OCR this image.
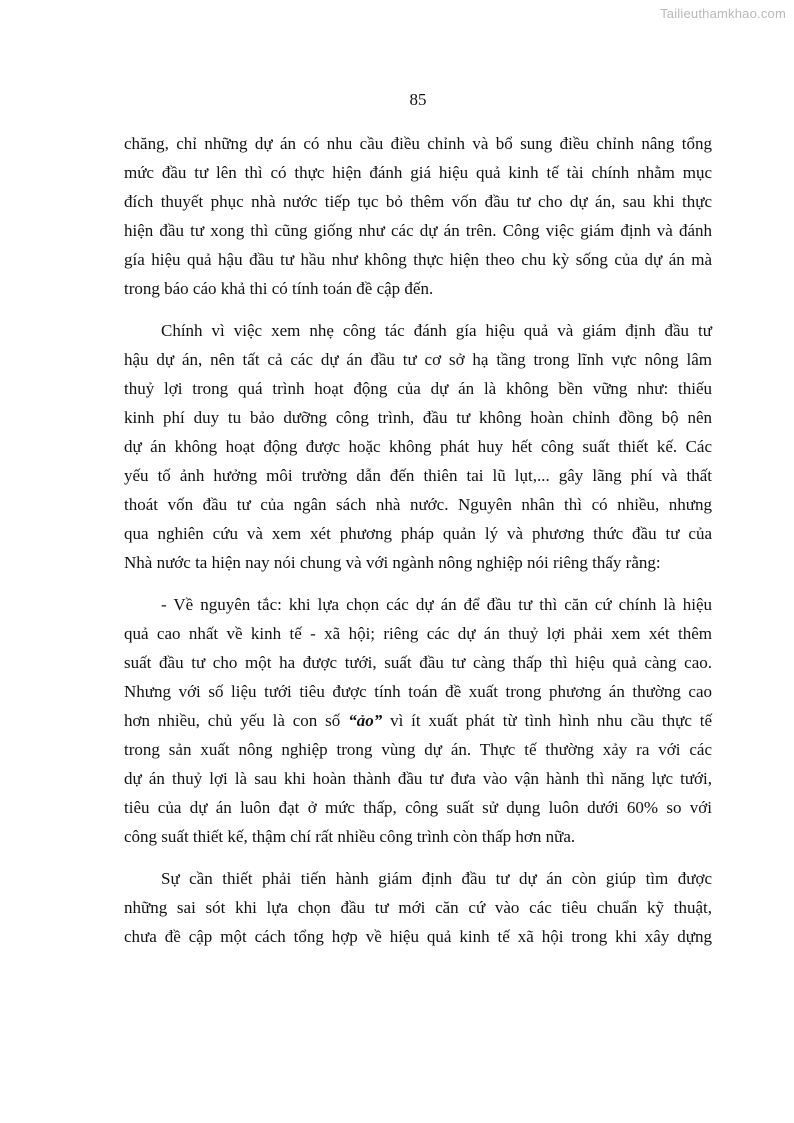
Tailieuthamkhao.com
85
chăng, chỉ những dự án có nhu cầu điều chỉnh và bổ sung điều chỉnh nâng tổng
mức đầu tư lên thì có thực hiện đánh giá hiệu quả kinh tế tài chính nhằm mục
đích thuyết phục nhà nước tiếp tục bỏ thêm vốn đầu tư cho dự án, sau khi thực
hiện đầu tư xong thì cũng giống như các dự án trên. Công việc giám định và đánh
gía hiệu quả hậu đầu tư hầu như không thực hiện theo chu kỳ sống của dự án mà
trong báo cáo khả thi có tính toán đề cập đến.
Chính vì việc xem nhẹ công tác đánh gía hiệu quả và giám định đầu tư
hậu dự án, nên tất cả các dự án đầu tư cơ sở hạ tầng trong lĩnh vực nông lâm
thuỷ lợi trong quá trình hoạt động của dự án là không bền vững như: thiếu
kinh phí duy tu bảo dưỡng công trình, đầu tư không hoàn chỉnh đồng bộ nên
dự án không hoạt động được hoặc không phát huy hết công suất thiết kế. Các
yếu tố ảnh hưởng môi trường dẫn đến thiên tai lũ lụt,... gây lãng phí và thất
thoát vốn đầu tư của ngân sách nhà nước. Nguyên nhân thì có nhiều, nhưng
qua nghiên cứu và xem xét phương pháp quản lý và phương thức đầu tư của
Nhà nước ta hiện nay nói chung và với ngành nông nghiệp nói riêng thấy rằng:
- Về nguyên tắc: khi lựa chọn các dự án để đầu tư thì căn cứ chính là hiệu
quả cao nhất về kinh tế - xã hội; riêng các dự án thuỷ lợi phải xem xét thêm
suất đầu tư cho một ha được tưới, suất đầu tư càng thấp thì hiệu quả càng cao.
Nhưng với số liệu tưới tiêu được tính toán đề xuất trong phương án thường cao
hơn nhiều, chủ yếu là con số “ảo” vì ít xuất phát từ tình hình nhu cầu thực tế
trong sản xuất nông nghiệp trong vùng dự án. Thực tế thường xảy ra với các
dự án thuỷ lợi là sau khi hoàn thành đầu tư đưa vào vận hành thì năng lực tưới,
tiêu của dự án luôn đạt ở mức thấp, công suất sử dụng luôn dưới 60% so với
công suất thiết kế, thậm chí rất nhiều công trình còn thấp hơn nữa.
Sự cần thiết phải tiến hành giám định đầu tư dự án còn giúp tìm được
những sai sót khi lựa chọn đầu tư mới căn cứ vào các tiêu chuẩn kỹ thuật,
chưa đề cập một cách tổng hợp về hiệu quả kinh tế xã hội trong khi xây dựng
